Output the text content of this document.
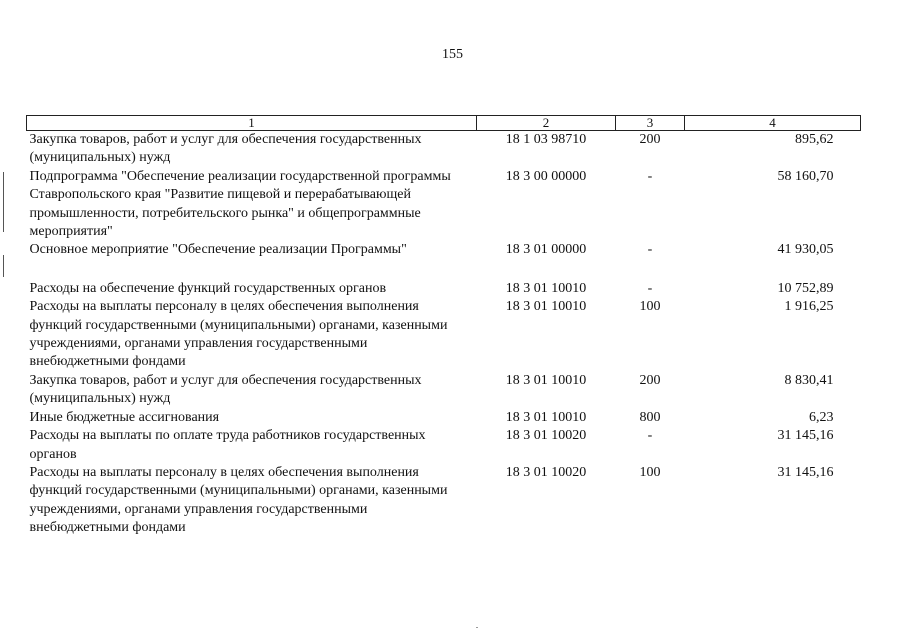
155
1	2	3	4
Закупка товаров, работ и услуг для обеспечения государственных (муниципальных) нужд	18 1 03 98710	200	895,62
Подпрограмма "Обеспечение реализации государственной программы Ставропольского края "Развитие пищевой и перерабатывающей промышленности, потребительского рынка" и общепрограммные мероприятия"	18 3 00 00000	-	58 160,70
Основное мероприятие "Обеспечение реализации Программы"	18 3 01 00000	-	41 930,05

Расходы на обеспечение функций государственных органов	18 3 01 10010	-	10 752,89
Расходы на выплаты персоналу в целях обеспечения выполнения функций государственными (муниципальными) органами, казенными учреждениями, органами управления государственными внебюджетными фондами	18 3 01 10010	100	1 916,25
Закупка товаров, работ и услуг для обеспечения государственных (муниципальных) нужд	18 3 01 10010	200	8 830,41
Иные бюджетные ассигнования	18 3 01 10010	800	6,23
Расходы на выплаты по оплате труда работников государственных органов	18 3 01 10020	-	31 145,16
Расходы на выплаты персоналу в целях обеспечения выполнения функций государственными (муниципальными) органами, казенными учреждениями, органами управления государственными внебюджетными фондами	18 3 01 10020	100	31 145,16
